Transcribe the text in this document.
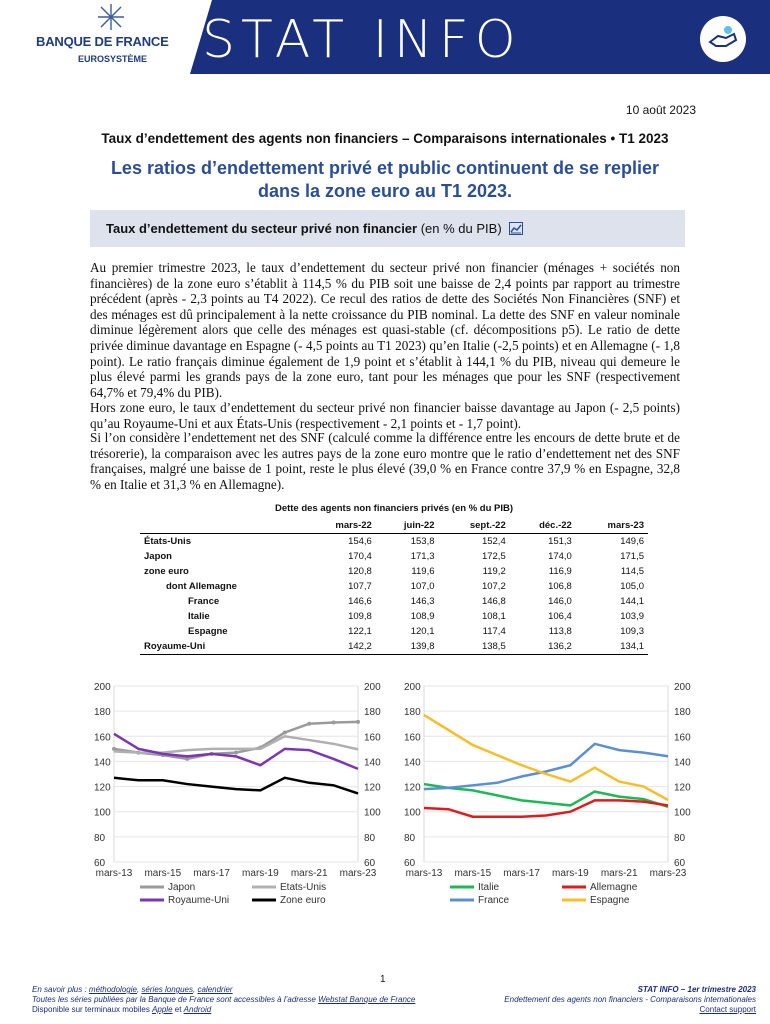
BANQUE DE FRANCE
EUROSYSTÈME STAT INFO
10 août 2023
Taux d’endettement des agents non financiers – Comparaisons internationales • T1 2023
Les ratios d’endettement privé et public continuent de se replier
dans la zone euro au T1 2023.
Taux d’endettement du secteur privé non financier (en % du PIB)
Au premier trimestre 2023, le taux d’endettement du secteur privé non financier (ménages + sociétés non financières) de la zone euro s’établit à 114,5 % du PIB soit une baisse de 2,4 points par rapport au trimestre précédent (après - 2,3 points au T4 2022). Ce recul des ratios de dette des Sociétés Non Financières (SNF) et des ménages est dû principalement à la nette croissance du PIB nominal. La dette des SNF en valeur nominale diminue légèrement alors que celle des ménages est quasi-stable (cf. décompositions p5). Le ratio de dette privée diminue davantage en Espagne (- 4,5 points au T1 2023) qu’en Italie (-2,5 points) et en Allemagne (- 1,8 point). Le ratio français diminue également de 1,9 point et s’établit à 144,1 % du PIB, niveau qui demeure le plus élevé parmi les grands pays de la zone euro, tant pour les ménages que pour les SNF (respectivement 64,7% et 79,4% du PIB).
Hors zone euro, le taux d’endettement du secteur privé non financier baisse davantage au Japon (- 2,5 points) qu’au Royaume-Uni et aux États-Unis (respectivement - 2,1 points et - 1,7 point).
Si l’on considère l’endettement net des SNF (calculé comme la différence entre les encours de dette brute et de trésorerie), la comparaison avec les autres pays de la zone euro montre que le ratio d’endettement net des SNF françaises, malgré une baisse de 1 point, reste le plus élevé (39,0 % en France contre 37,9 % en Espagne, 32,8 % en Italie et 31,3 % en Allemagne).
Dette des agents non financiers privés (en % du PIB)
	mars-22	juin-22	sept.-22	déc.-22	mars-23
États-Unis	154,6	153,8	152,4	151,3	149,6
Japon	170,4	171,3	172,5	174,0	171,5
zone euro	120,8	119,6	119,2	116,9	114,5
dont Allemagne	107,7	107,0	107,2	106,8	105,0
France	146,6	146,3	146,8	146,0	144,1
Italie	109,8	108,9	108,1	106,4	103,9
Espagne	122,1	120,1	117,4	113,8	109,3
Royaume-Uni	142,2	139,8	138,5	136,2	134,1
60	60
80	80
100	100
120	120
140	140
160	160
180	180
200	200
mars-13 mars-15 mars-17 mars-19 mars-21 mars-23
Japon	Etats-Unis
Royaume-Uni	Zone euro
60	60
80	80
100	100
120	120
140	140
160	160
180	180
200	200
mars-13 mars-15 mars-17 mars-19 mars-21 mars-23
Italie	Allemagne
France	Espagne
1
En savoir plus : méthodologie, séries longues, calendrier
Toutes les séries publiées par la Banque de France sont accessibles à l’adresse Webstat Banque de France
Disponible sur terminaux mobiles Apple et Android
STAT INFO – 1er trimestre 2023
Endettement des agents non financiers - Comparaisons internationales
Contact support
